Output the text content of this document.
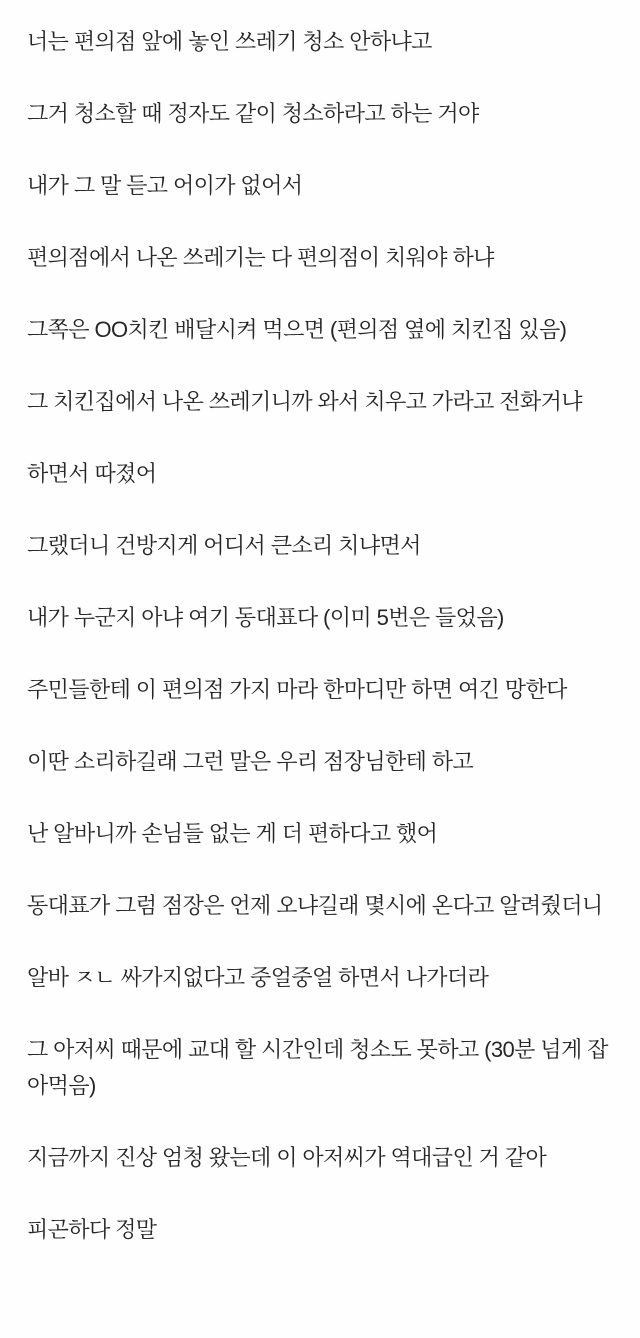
너는 편의점 앞에 놓인 쓰레기 청소 안하냐고

그거 청소할 때 정자도 같이 청소하라고 하는 거야

내가 그 말 듣고 어이가 없어서

편의점에서 나온 쓰레기는 다 편의점이 치워야 하냐

그쪽은 OO치킨 배달시켜 먹으면 (편의점 옆에 치킨집 있음)

그 치킨집에서 나온 쓰레기니까 와서 치우고 가라고 전화거냐

하면서 따졌어

그랬더니 건방지게 어디서 큰소리 치냐면서

내가 누군지 아냐 여기 동대표다 (이미 5번은 들었음)

주민들한테 이 편의점 가지 마라 한마디만 하면 여긴 망한다

이딴 소리하길래 그런 말은 우리 점장님한테 하고

난 알바니까 손님들 없는 게 더 편하다고 했어

동대표가 그럼 점장은 언제 오냐길래 몇시에 온다고 알려줬더니

알바 ㅈㄴ 싸가지없다고 중얼중얼 하면서 나가더라

그 아저씨 때문에 교대 할 시간인데 청소도 못하고 (30분 넘게 잡아먹음)

지금까지 진상 엄청 왔는데 이 아저씨가 역대급인 거 같아

피곤하다 정말
